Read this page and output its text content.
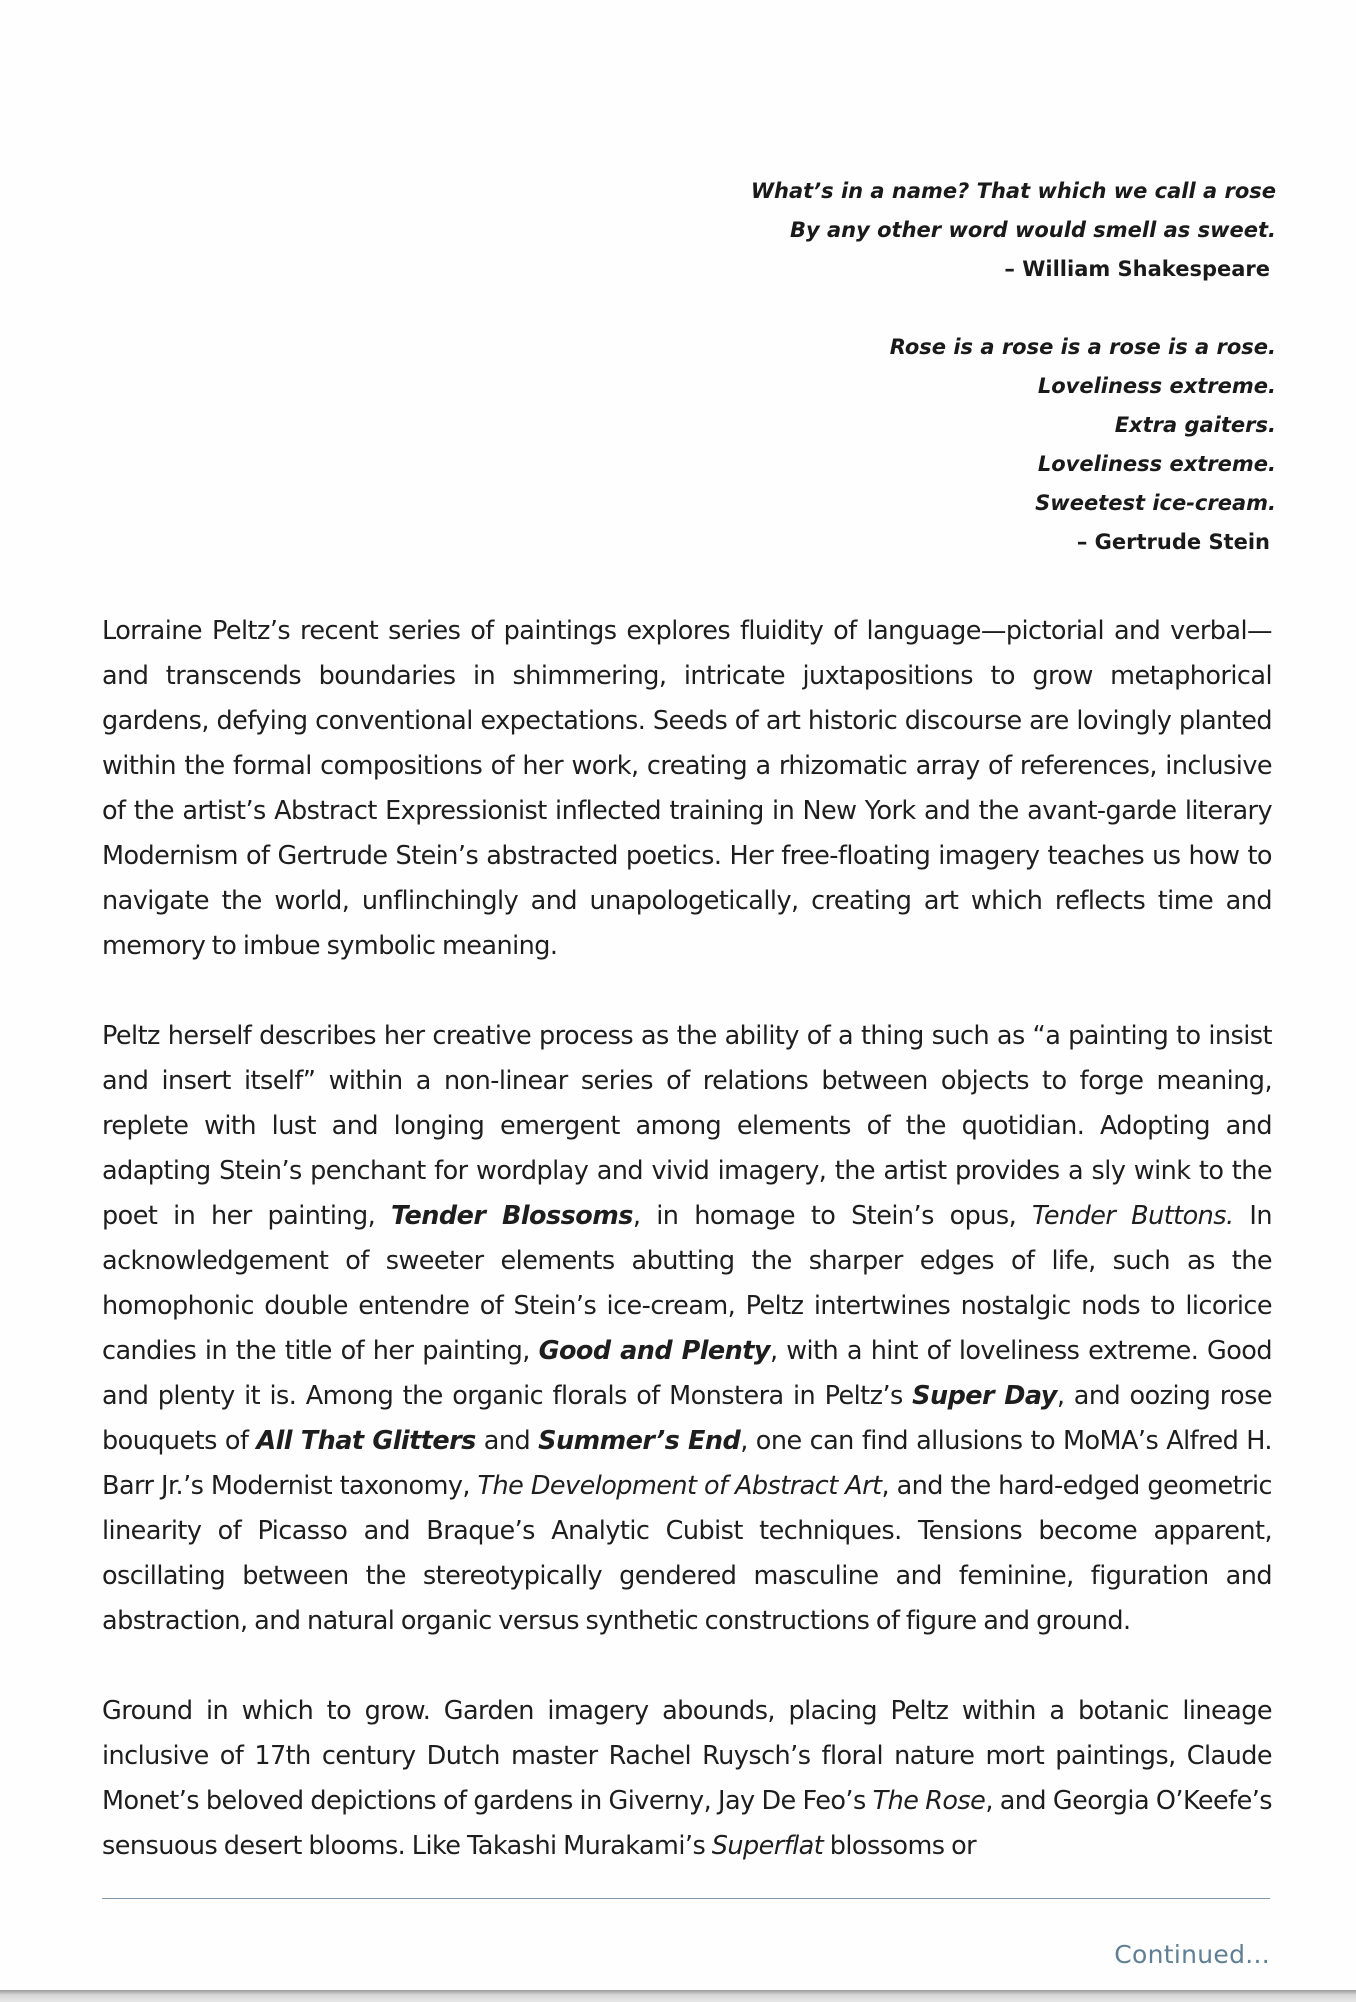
What’s in a name? That which we call a rose
By any other word would smell as sweet.
– William Shakespeare
Rose is a rose is a rose is a rose.
Loveliness extreme.
Extra gaiters.
Loveliness extreme.
Sweetest ice-cream.
– Gertrude Stein

Lorraine Peltz’s recent series of paintings explores fluidity of language—pictorial and verbal—and transcends boundaries in shimmering, intricate juxtapositions to grow metaphorical gardens, defying conventional expectations. Seeds of art historic discourse are lovingly planted within the formal compositions of her work, creating a rhizomatic array of references, inclusive of the artist’s Abstract Expressionist inflected training in New York and the avant-garde literary Modernism of Gertrude Stein’s abstracted poetics. Her free-floating imagery teaches us how to navigate the world, unflinchingly and unapologetically, creating art which reflects time and memory to imbue symbolic meaning.

Peltz herself describes her creative process as the ability of a thing such as “a painting to insist and insert itself” within a non-linear series of relations between objects to forge meaning, replete with lust and longing emergent among elements of the quotidian. Adopting and adapting Stein’s penchant for wordplay and vivid imagery, the artist provides a sly wink to the poet in her painting, Tender Blossoms, in homage to Stein’s opus, Tender Buttons. In acknowledgement of sweeter elements abutting the sharper edges of life, such as the homophonic double entendre of Stein’s ice-cream, Peltz intertwines nostalgic nods to licorice candies in the title of her painting, Good and Plenty, with a hint of loveliness extreme. Good and plenty it is. Among the organic florals of Monstera in Peltz’s Super Day, and oozing rose bouquets of All That Glitters and Summer’s End, one can find allusions to MoMA’s Alfred H. Barr Jr.’s Modernist taxonomy, The Development of Abstract Art, and the hard-edged geometric linearity of Picasso and Braque’s Analytic Cubist techniques. Tensions become apparent, oscillating between the stereotypically gendered masculine and feminine, figuration and abstraction, and natural organic versus synthetic constructions of figure and ground.

Ground in which to grow. Garden imagery abounds, placing Peltz within a botanic lineage inclusive of 17th century Dutch master Rachel Ruysch’s floral nature mort paintings, Claude Monet’s beloved depictions of gardens in Giverny, Jay De Feo’s The Rose, and Georgia O’Keefe’s sensuous desert blooms. Like Takashi Murakami’s Superflat blossoms or

Continued...
